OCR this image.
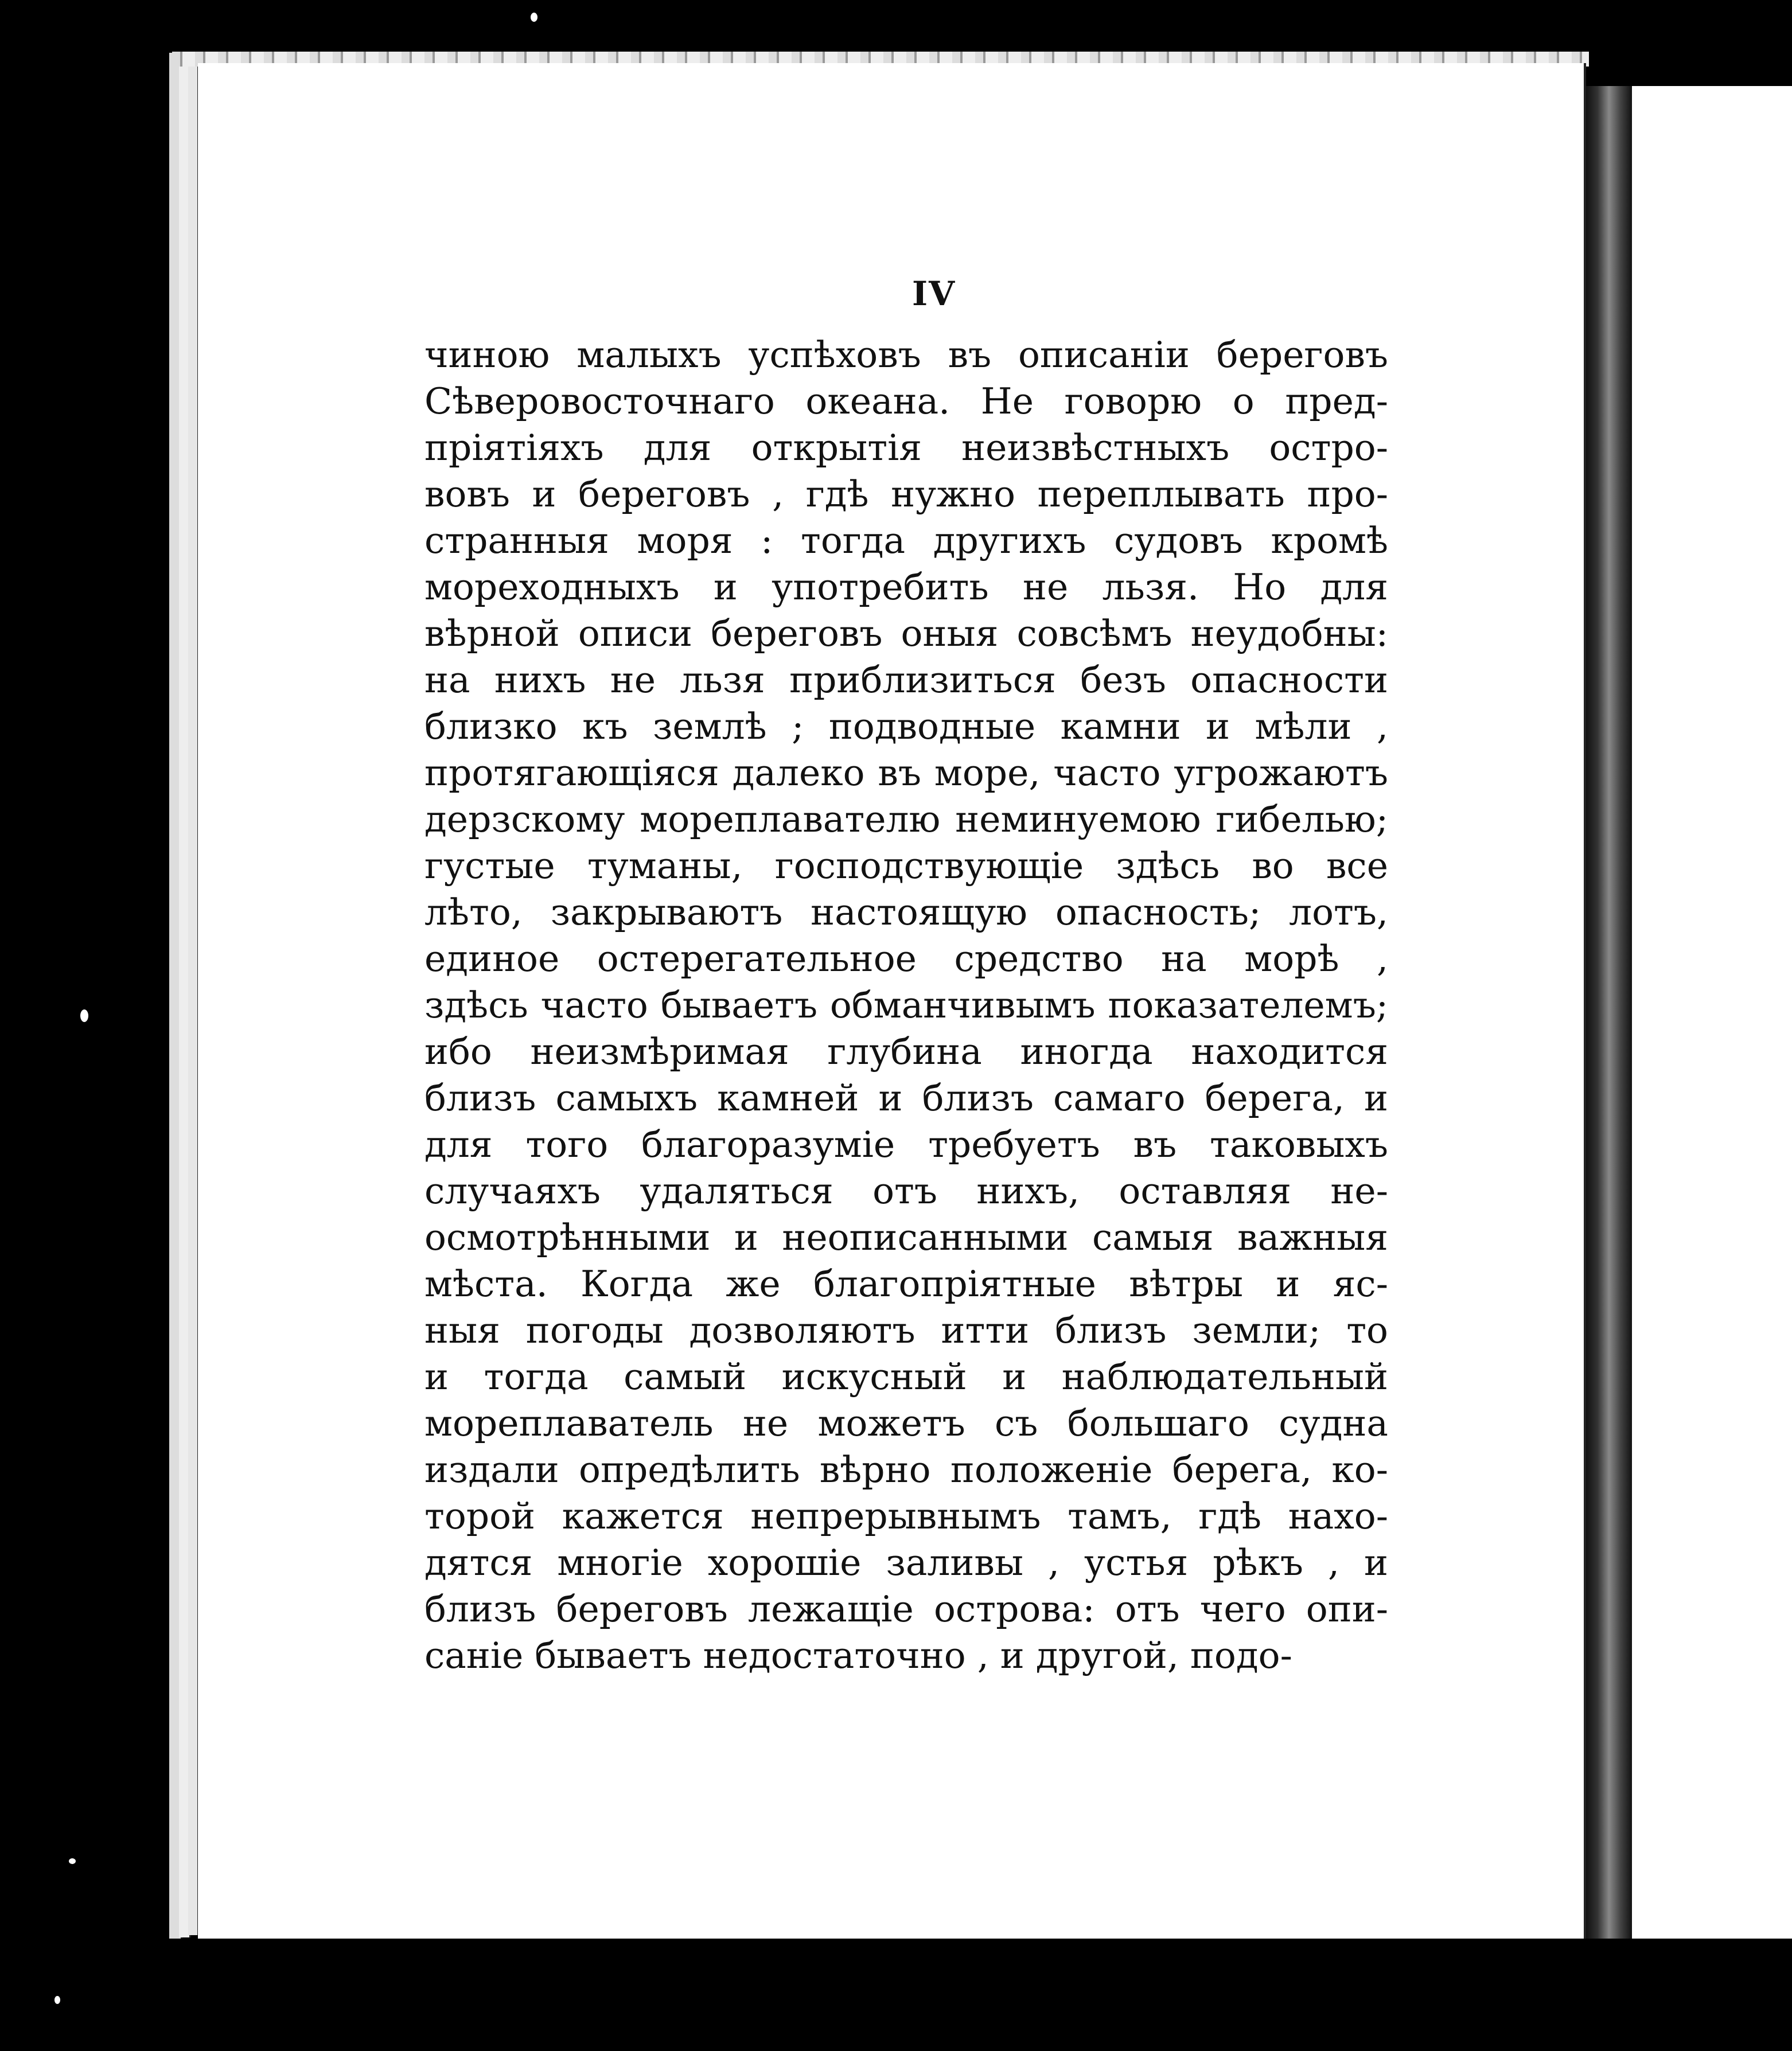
IV
чиною малыхъ успѣховъ въ описаніи береговъ
Сѣверовосточнаго океана. Не говорю о пред-
пріятіяхъ для открытія неизвѣстныхъ остро-
вовъ и береговъ , гдѣ нужно переплывать про-
странныя моря : тогда другихъ судовъ кромѣ
мореходныхъ и употребить не льзя. Но для
вѣрной описи береговъ оныя совсѣмъ неудобны:
на нихъ не льзя приблизиться безъ опасности
близко къ землѣ ; подводные камни и мѣли ,
протягающіяся далеко въ море, часто угрожаютъ
дерзскому мореплавателю неминуемою гибелью;
густые туманы, господствующіе здѣсь во все
лѣто, закрываютъ настоящую опасность; лотъ,
единое остерегательное средство на морѣ ,
здѣсь часто бываетъ обманчивымъ показателемъ;
ибо неизмѣримая глубина иногда находится
близъ самыхъ камней и близъ самаго берега, и
для того благоразуміе требуетъ въ таковыхъ
случаяхъ удаляться отъ нихъ, оставляя не-
осмотрѣнными и неописанными самыя важныя
мѣста. Когда же благопріятные вѣтры и яс-
ныя погоды дозволяютъ итти близъ земли; то
и тогда самый искусный и наблюдательный
мореплаватель не можетъ съ большаго судна
издали опредѣлить вѣрно положеніе берега, ко-
торой кажется непрерывнымъ тамъ, гдѣ нахо-
дятся многіе хорошіе заливы , устья рѣкъ , и
близъ береговъ лежащіе острова: отъ чего опи-
саніе бываетъ недостаточно , и другой, подо-
